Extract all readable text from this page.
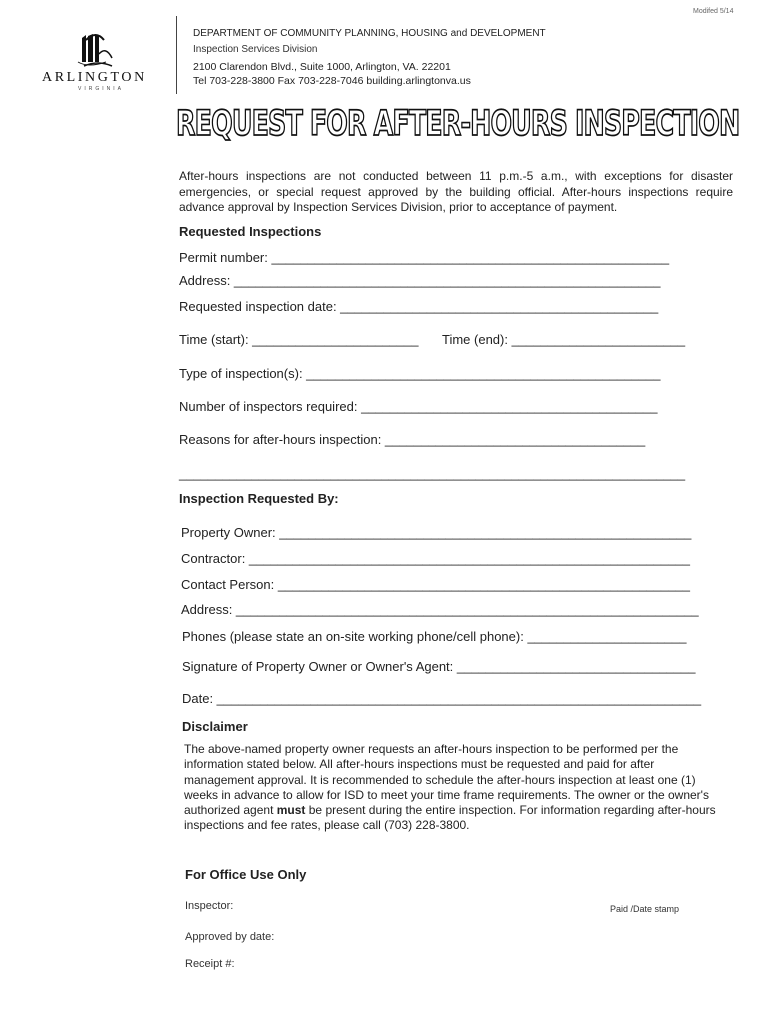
Modifed 5/14
ARLINGTON
VIRGINIA
DEPARTMENT OF COMMUNITY PLANNING, HOUSING and DEVELOPMENT
Inspection Services Division
2100 Clarendon Blvd., Suite 1000, Arlington, VA. 22201
Tel 703-228-3800 Fax 703-228-7046 building.arlingtonva.us
REQUEST FOR AFTER-HOURS INSPECTION
After-hours inspections are not conducted between 11 p.m.-5 a.m., with exceptions for disaster emergencies, or special request approved by the building official. After-hours inspections require advance approval by Inspection Services Division, prior to acceptance of payment.
Requested Inspections
Permit number: _______________________________________________________
Address: ___________________________________________________________
Requested inspection date: ____________________________________________
Time (start): _______________________ Time (end): ________________________
Type of inspection(s): _________________________________________________
Number of inspectors required: _________________________________________
Reasons for after-hours inspection: ____________________________________
______________________________________________________________________
Inspection Requested By:
Property Owner: _________________________________________________________
Contractor: _____________________________________________________________
Contact Person: _________________________________________________________
Address: ________________________________________________________________
Phones (please state an on-site working phone/cell phone): ______________________
Signature of Property Owner or Owner's Agent: _________________________________
Date: ___________________________________________________________________
Disclaimer
The above-named property owner requests an after-hours inspection to be performed per the information stated below. All after-hours inspections must be requested and paid for after management approval. It is recommended to schedule the after-hours inspection at least one (1) weeks in advance to allow for ISD to meet your time frame requirements. The owner or the owner's authorized agent must be present during the entire inspection. For information regarding after-hours inspections and fee rates, please call (703) 228-3800.
For Office Use Only
Inspector:	Paid /Date stamp
Approved by date:
Receipt #:
